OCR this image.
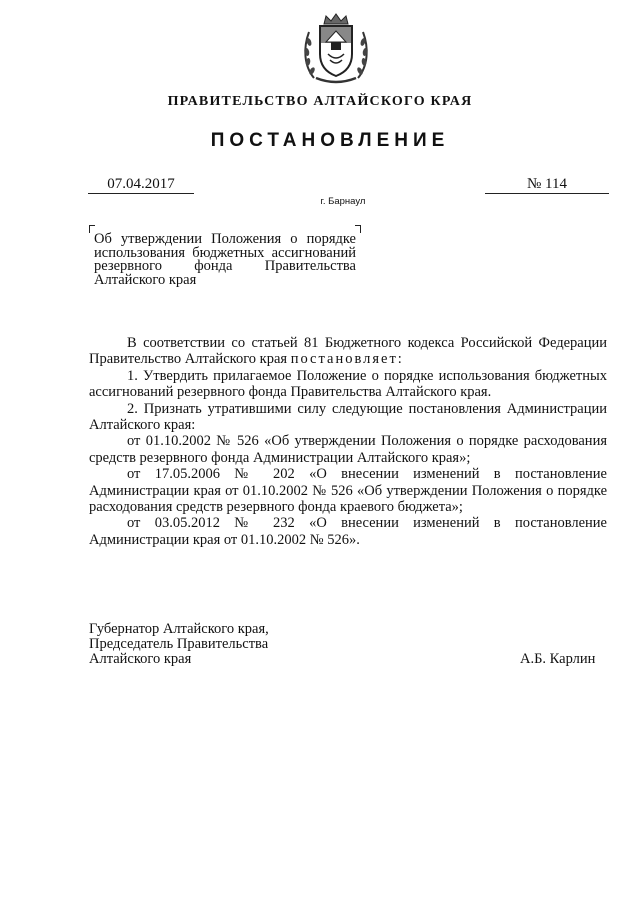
ПРАВИТЕЛЬСТВО АЛТАЙСКОГО КРАЯ
ПОСТАНОВЛЕНИЕ
07.04.2017	№ 114
г. Барнаул
Об утверждении Положения о порядке использования бюджетных ассигнований резервного фонда Правительства Алтайского края

В соответствии со статьей 81 Бюджетного кодекса Российской Федерации Правительство Алтайского края постановляет:

1. Утвердить прилагаемое Положение о порядке использования бюджетных ассигнований резервного фонда Правительства Алтайского края.

2. Признать утратившими силу следующие постановления Администрации Алтайского края:

от 01.10.2002 № 526 «Об утверждении Положения о порядке расходования средств резервного фонда Администрации Алтайского края»;

от 17.05.2006 № 202 «О внесении изменений в постановление Администрации края от 01.10.2002 № 526 «Об утверждении Положения о порядке расходования средств резервного фонда краевого бюджета»;

от 03.05.2012 № 232 «О внесении изменений в постановление Администрации края от 01.10.2002 № 526».

Губернатор Алтайского края,
Председатель Правительства
Алтайского края	А.Б. Карлин
